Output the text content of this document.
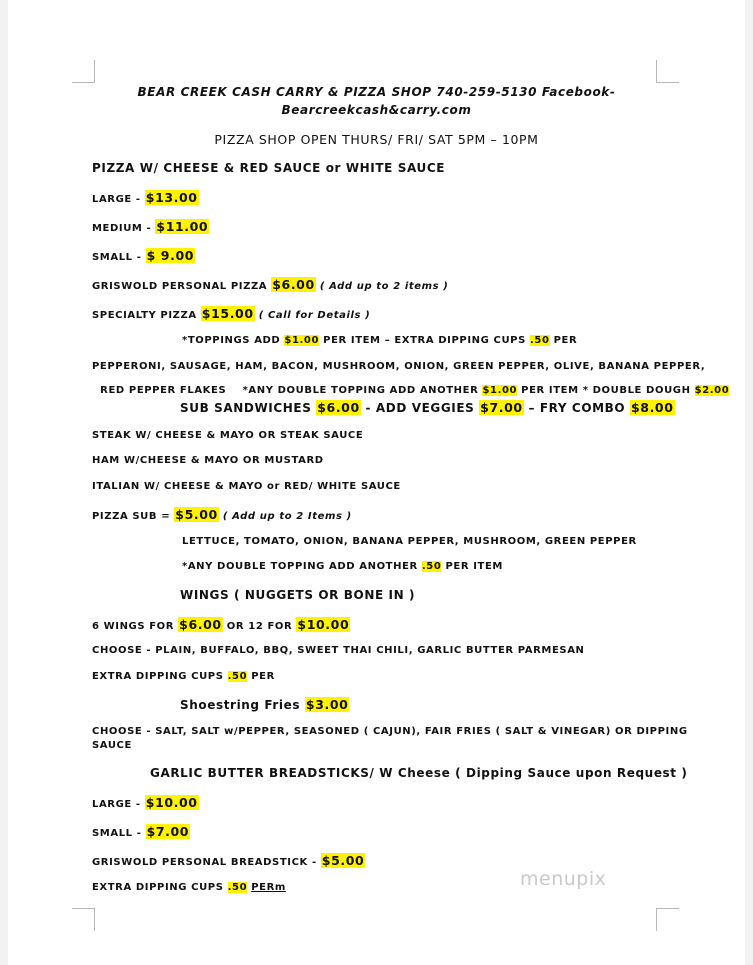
BEAR CREEK CASH CARRY & PIZZA SHOP 740-259-5130 Facebook-
Bearcreekcash&carry.com
PIZZA SHOP OPEN THURS/ FRI/ SAT 5PM – 10PM
PIZZA W/ CHEESE & RED SAUCE or WHITE SAUCE
LARGE - $13.00
MEDIUM - $11.00
SMALL - $ 9.00
GRISWOLD PERSONAL PIZZA $6.00 ( Add up to 2 items )
SPECIALTY PIZZA $15.00 ( Call for Details )
*TOPPINGS ADD $1.00 PER ITEM – EXTRA DIPPING CUPS .50 PER
PEPPERONI, SAUSAGE, HAM, BACON, MUSHROOM, ONION, GREEN PEPPER, OLIVE, BANANA PEPPER,

RED PEPPER FLAKES    *ANY DOUBLE TOPPING ADD ANOTHER $1.00 PER ITEM * DOUBLE DOUGH $2.00

SUB SANDWICHES $6.00 - ADD VEGGIES $7.00 – FRY COMBO $8.00
STEAK W/ CHEESE & MAYO OR STEAK SAUCE
HAM W/CHEESE & MAYO OR MUSTARD
ITALIAN W/ CHEESE & MAYO or RED/ WHITE SAUCE
PIZZA SUB = $5.00 ( Add up to 2 Items )
LETTUCE, TOMATO, ONION, BANANA PEPPER, MUSHROOM, GREEN PEPPER
*ANY DOUBLE TOPPING ADD ANOTHER .50 PER ITEM
WINGS ( NUGGETS OR BONE IN )
6 WINGS FOR $6.00 OR 12 FOR $10.00
CHOOSE - PLAIN, BUFFALO, BBQ, SWEET THAI CHILI, GARLIC BUTTER PARMESAN
EXTRA DIPPING CUPS .50 PER
Shoestring Fries $3.00
CHOOSE - SALT, SALT w/PEPPER, SEASONED ( CAJUN), FAIR FRIES ( SALT & VINEGAR) OR DIPPING
SAUCE
GARLIC BUTTER BREADSTICKS/ W Cheese ( Dipping Sauce upon Request )
LARGE - $10.00
SMALL - $7.00
GRISWOLD PERSONAL BREADSTICK - $5.00
EXTRA DIPPING CUPS .50 PERm	menupix
